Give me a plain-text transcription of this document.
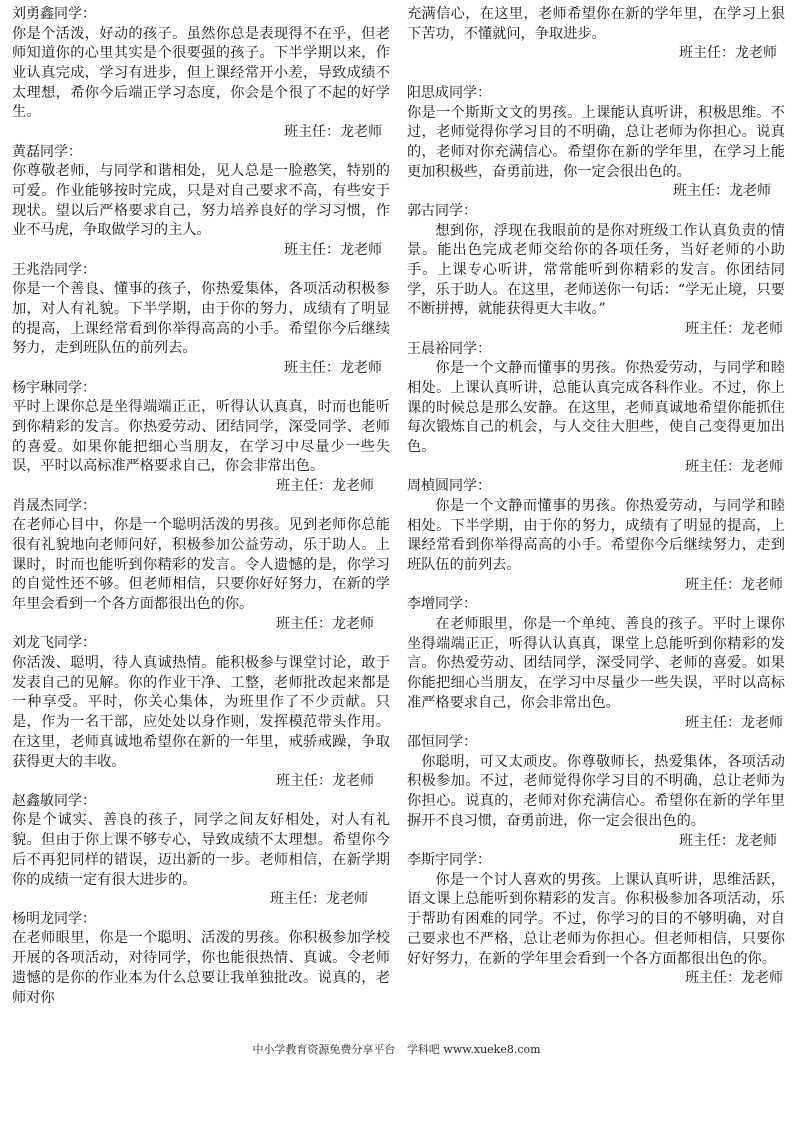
刘勇鑫同学：

你是个活泼，好动的孩子。虽然你总是表现得不在乎，但老师知道你的心里其实是个很要强的孩子。下半学期以来，作业认真完成，学习有进步，但上课经常开小差，导致成绩不太理想，希你今后端正学习态度，你会是个很了不起的好学生。

班主任：龙老师
黄磊同学：

你尊敬老师，与同学和谐相处，见人总是一脸憨笑，特别的可爱。作业能够按时完成，只是对自己要求不高，有些安于现状。望以后严格要求自己，努力培养良好的学习习惯，作业不马虎，争取做学习的主人。

班主任：龙老师
王兆浩同学：

你是一个善良、懂事的孩子，你热爱集体，各项活动积极参加，对人有礼貌。下半学期，由于你的努力，成绩有了明显的提高，上课经常看到你举得高高的小手。希望你今后继续努力，走到班队伍的前列去。

班主任：龙老师
杨宇琳同学：

平时上课你总是坐得端端正正，听得认认真真，时而也能听到你精彩的发言。你热爱劳动、团结同学，深受同学、老师的喜爱。如果你能把细心当朋友，在学习中尽量少一些失误，平时以高标准严格要求自己，你会非常出色。

班主任：龙老师
肖晟杰同学：

在老师心目中，你是一个聪明活泼的男孩。见到老师你总能很有礼貌地向老师问好，积极参加公益劳动，乐于助人。上课时，时而也能听到你精彩的发言。令人遗憾的是，你学习的自觉性还不够。但老师相信，只要你好好努力，在新的学年里会看到一个各方面都很出色的你。

班主任：龙老师
刘龙飞同学：

你活泼、聪明，待人真诚热情。能积极参与课堂讨论，敢于发表自己的见解。你的作业干净、工整，老师批改起来都是一种享受。平时，你关心集体，为班里作了不少贡献。只是，作为一名干部，应处处以身作则，发挥模范带头作用。在这里，老师真诚地希望你在新的一年里，戒骄戒躁，争取获得更大的丰收。

班主任：龙老师
赵鑫敏同学：

你是个诚实、善良的孩子，同学之间友好相处，对人有礼貌。但由于你上课不够专心，导致成绩不太理想。希望你今后不再犯同样的错误，迈出新的一步。老师相信，在新学期你的成绩一定有很大进步的。

班主任：龙老师
杨明龙同学：

在老师眼里，你是一个聪明、活泼的男孩。你积极参加学校开展的各项活动，对待同学，你也能很热情、真诚。令老师遗憾的是你的作业本为什么总要让我单独批改。说真的，老师对你

充满信心，在这里，老师希望你在新的学年里，在学习上狠下苦功，不懂就问，争取进步。

班主任：龙老师
阳思成同学：

你是一个斯斯文文的男孩。上课能认真听讲，积极思维。不过，老师觉得你学习目的不明确，总让老师为你担心。说真的，老师对你充满信心。希望你在新的学年里，在学习上能更加积极些，奋勇前进，你一定会很出色的。

班主任：龙老师
郭古同学：

想到你，浮现在我眼前的是你对班级工作认真负责的情景。能出色完成老师交给你的各项任务，当好老师的小助手。上课专心听讲，常常能听到你精彩的发言。你团结同学，乐于助人。在这里，老师送你一句话：“学无止境，只要不断拼搏，就能获得更大丰收。”

班主任：龙老师
王晨裕同学：

你是一个文静而懂事的男孩。你热爱劳动，与同学和睦相处。上课认真听讲，总能认真完成各科作业。不过，你上课的时候总是那么安静。在这里，老师真诚地希望你能抓住每次锻炼自己的机会，与人交往大胆些，使自己变得更加出色。

班主任：龙老师
周楨圆同学：

你是一个文静而懂事的男孩。你热爱劳动，与同学和睦相处。下半学期，由于你的努力，成绩有了明显的提高，上课经常看到你举得高高的小手。希望你今后继续努力，走到班队伍的前列去。

班主任：龙老师
李增同学：

在老师眼里，你是一个单纯、善良的孩子。平时上课你坐得端端正正，听得认认真真，课堂上总能听到你精彩的发言。你热爱劳动、团结同学，深受同学、老师的喜爱。如果你能把细心当朋友，在学习中尽量少一些失误，平时以高标准严格要求自己，你会非常出色。

班主任：龙老师
邵恒同学：

你聪明，可又太顽皮。你尊敬师长，热爱集体，各项活动积极参加。不过，老师觉得你学习目的不明确，总让老师为你担心。说真的，老师对你充满信心。希望你在新的学年里摒开不良习惯，奋勇前进，你一定会很出色的。

班主任：龙老师
李斯宇同学：

你是一个讨人喜欢的男孩。上课认真听讲，思维活跃，语文课上总能听到你精彩的发言。你积极参加各项活动，乐于帮助有困难的同学。不过，你学习的目的不够明确，对自己要求也不严格，总让老师为你担心。但老师相信，只要你好好努力，在新的学年里会看到一个各方面都很出色的你。

班主任：龙老师
中小学教育资源免费分享平台 学科吧 www.xueke8.com
